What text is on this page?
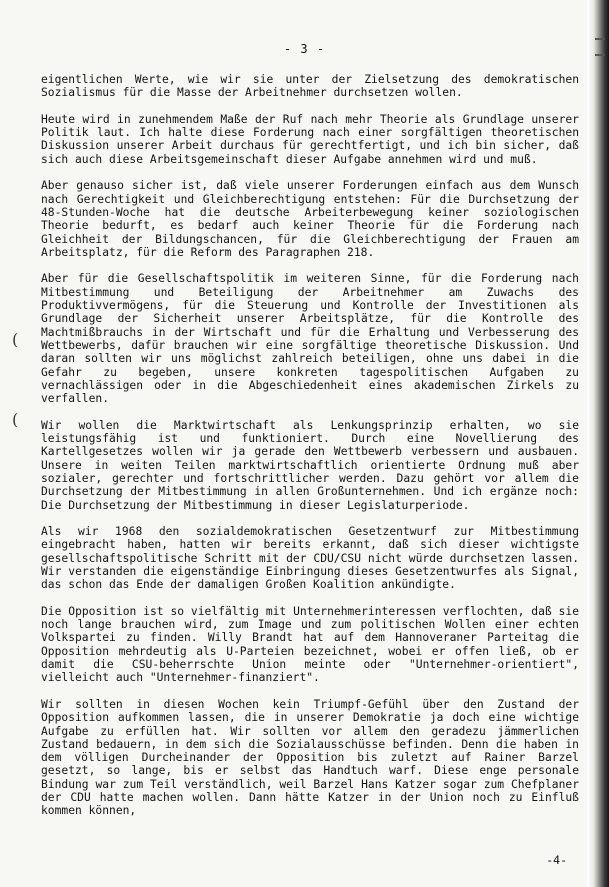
- 3 -
(
(

eigentlichen Werte, wie wir sie unter der Zielsetzung des demokratischen Sozialismus für die Masse der Arbeitnehmer durchsetzen wollen.

Heute wird in zunehmendem Maße der Ruf nach mehr Theorie als Grundlage unserer Politik laut. Ich halte diese Forderung nach einer sorgfältigen theoretischen Diskussion unserer Arbeit durchaus für gerechtfertigt, und ich bin sicher, daß sich auch diese Arbeitsgemeinschaft dieser Aufgabe annehmen wird und muß.

Aber genauso sicher ist, daß viele unserer Forderungen einfach aus dem Wunsch nach Gerechtigkeit und Gleichberechtigung entstehen: Für die Durchsetzung der 48-Stunden-Woche hat die deutsche Arbeiterbewegung keiner soziologischen Theorie bedurft, es bedarf auch keiner Theorie für die Forderung nach Gleichheit der Bildungschancen, für die Gleichberechtigung der Frauen am Arbeitsplatz, für die Reform des Paragraphen 218.

Aber für die Gesellschaftspolitik im weiteren Sinne, für die Forderung nach Mitbestimmung und Beteiligung der Arbeitnehmer am Zuwachs des Produktivvermögens, für die Steuerung und Kontrolle der Investitionen als Grundlage der Sicherheit unserer Arbeitsplätze, für die Kontrolle des Machtmißbrauchs in der Wirtschaft und für die Erhaltung und Verbesserung des Wettbewerbs, dafür brauchen wir eine sorgfältige theoretische Diskussion. Und daran sollten wir uns möglichst zahlreich beteiligen, ohne uns dabei in die Gefahr zu begeben, unsere konkreten tagespolitischen Aufgaben zu vernachlässigen oder in die Abgeschiedenheit eines akademischen Zirkels zu verfallen.

Wir wollen die Marktwirtschaft als Lenkungsprinzip erhalten, wo sie leistungsfähig ist und funktioniert. Durch eine Novellierung des Kartellgesetzes wollen wir ja gerade den Wettbewerb verbessern und ausbauen. Unsere in weiten Teilen marktwirtschaftlich orientierte Ordnung muß aber sozialer, gerechter und fortschrittlicher werden. Dazu gehört vor allem die Durchsetzung der Mitbestimmung in allen Großunternehmen. Und ich ergänze noch: Die Durchsetzung der Mitbestimmung in dieser Legislaturperiode.

Als wir 1968 den sozialdemokratischen Gesetzentwurf zur Mitbestimmung eingebracht haben, hatten wir bereits erkannt, daß sich dieser wichtigste gesellschaftspolitische Schritt mit der CDU/CSU nicht würde durchsetzen lassen. Wir verstanden die eigenständige Einbringung dieses Gesetzentwurfes als Signal, das schon das Ende der damaligen Großen Koalition ankündigte.

Die Opposition ist so vielfältig mit Unternehmerinteressen verflochten, daß sie noch lange brauchen wird, zum Image und zum politischen Wollen einer echten Volkspartei zu finden. Willy Brandt hat auf dem Hannoveraner Parteitag die Opposition mehrdeutig als U-Parteien bezeichnet, wobei er offen ließ, ob er damit die CSU-beherrschte Union meinte oder "Unternehmer-orientiert", vielleicht auch "Unternehmer-finanziert".

Wir sollten in diesen Wochen kein Triumpf-Gefühl über den Zustand der Opposition aufkommen lassen, die in unserer Demokratie ja doch eine wichtige Aufgabe zu erfüllen hat. Wir sollten vor allem den geradezu jämmerlichen Zustand bedauern, in dem sich die Sozialausschüsse befinden. Denn die haben in dem völligen Durcheinander der Opposition bis zuletzt auf Rainer Barzel gesetzt, so lange, bis er selbst das Handtuch warf. Diese enge personale Bindung war zum Teil verständlich, weil Barzel Hans Katzer sogar zum Chefplaner der CDU hatte machen wollen. Dann hätte Katzer in der Union noch zu Einfluß kommen können,

-4-
